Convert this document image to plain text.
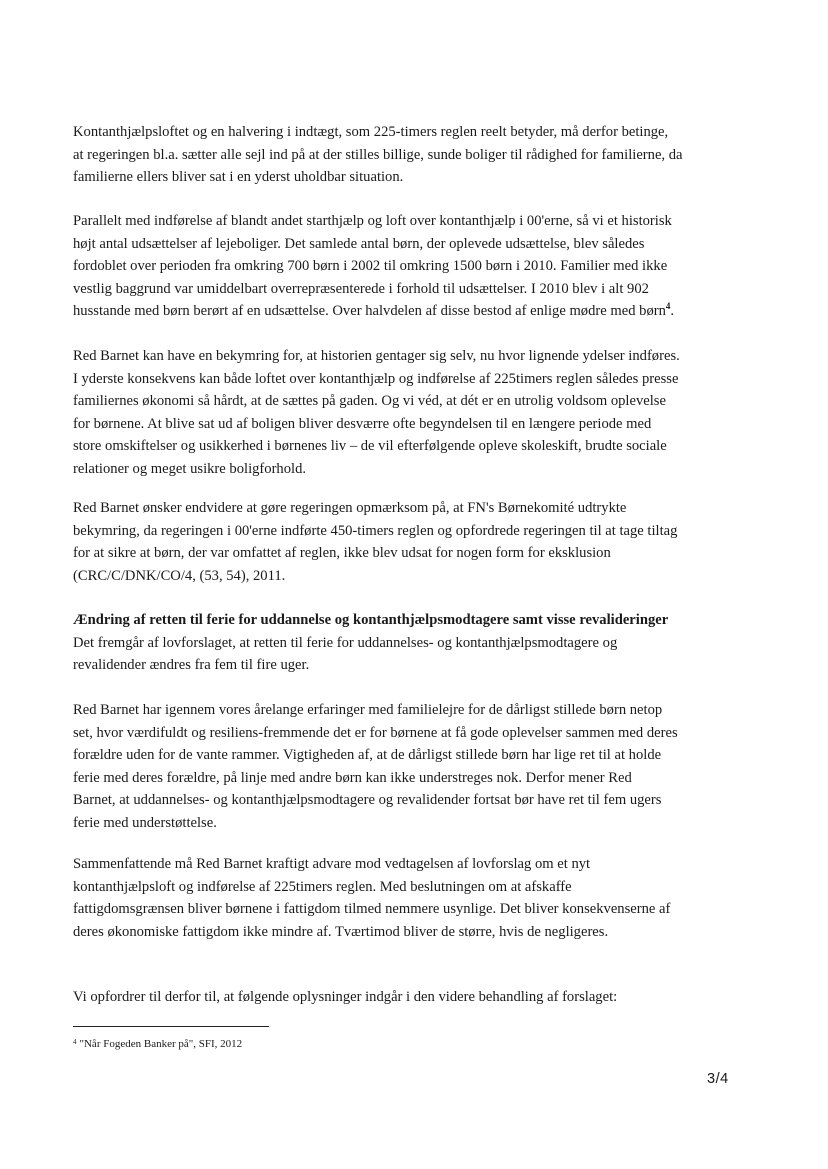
Kontanthjælpsloftet og en halvering i indtægt, som 225-timers reglen reelt betyder, må derfor betinge,
at regeringen bl.a. sætter alle sejl ind på at der stilles billige, sunde boliger til rådighed for familierne, da
familierne ellers bliver sat i en yderst uholdbar situation.
Parallelt med indførelse af blandt andet starthjælp og loft over kontanthjælp i 00'erne, så vi et historisk
højt antal udsættelser af lejeboliger. Det samlede antal børn, der oplevede udsættelse, blev således
fordoblet over perioden fra omkring 700 børn i 2002 til omkring 1500 børn i 2010. Familier med ikke
vestlig baggrund var umiddelbart overrepræsenterede i forhold til udsættelser. I 2010 blev i alt 902
husstande med børn berørt af en udsættelse. Over halvdelen af disse bestod af enlige mødre med børn$^4$.
Red Barnet kan have en bekymring for, at historien gentager sig selv, nu hvor lignende ydelser indføres.
I yderste konsekvens kan både loftet over kontanthjælp og indførelse af 225timers reglen således presse
familiernes økonomi så hårdt, at de sættes på gaden. Og vi véd, at dét er en utrolig voldsom oplevelse
for børnene. At blive sat ud af boligen bliver desværre ofte begyndelsen til en længere periode med
store omskiftelser og usikkerhed i børnenes liv – de vil efterfølgende opleve skoleskift, brudte sociale
relationer og meget usikre boligforhold.
Red Barnet ønsker endvidere at gøre regeringen opmærksom på, at FN's Børnekomité udtrykte
bekymring, da regeringen i 00'erne indførte 450-timers reglen og opfordrede regeringen til at tage tiltag
for at sikre at børn, der var omfattet af reglen, ikke blev udsat for nogen form for eksklusion
(CRC/C/DNK/CO/4, (53, 54), 2011.
Ændring af retten til ferie for uddannelse og kontanthjælpsmodtagere samt visse revalideringer
Det fremgår af lovforslaget, at retten til ferie for uddannelses- og kontanthjælpsmodtagere og
revalidender ændres fra fem til fire uger.
Red Barnet har igennem vores årelange erfaringer med familielejre for de dårligst stillede børn netop
set, hvor værdifuldt og resiliens-fremmende det er for børnene at få gode oplevelser sammen med deres
forældre uden for de vante rammer. Vigtigheden af, at de dårligst stillede børn har lige ret til at holde
ferie med deres forældre, på linje med andre børn kan ikke understreges nok. Derfor mener Red
Barnet, at uddannelses- og kontanthjælpsmodtagere og revalidender fortsat bør have ret til fem ugers
ferie med understøttelse.
Sammenfattende må Red Barnet kraftigt advare mod vedtagelsen af lovforslag om et nyt
kontanthjælpsloft og indførelse af 225timers reglen. Med beslutningen om at afskaffe
fattigdomsgrænsen bliver børnene i fattigdom tilmed nemmere usynlige. Det bliver konsekvenserne af
deres økonomiske fattigdom ikke mindre af. Tværtimod bliver de større, hvis de negligeres.
Vi opfordrer til derfor til, at følgende oplysninger indgår i den videre behandling af forslaget:
$^4$ "Når Fogeden Banker på", SFI, 2012
3/4
